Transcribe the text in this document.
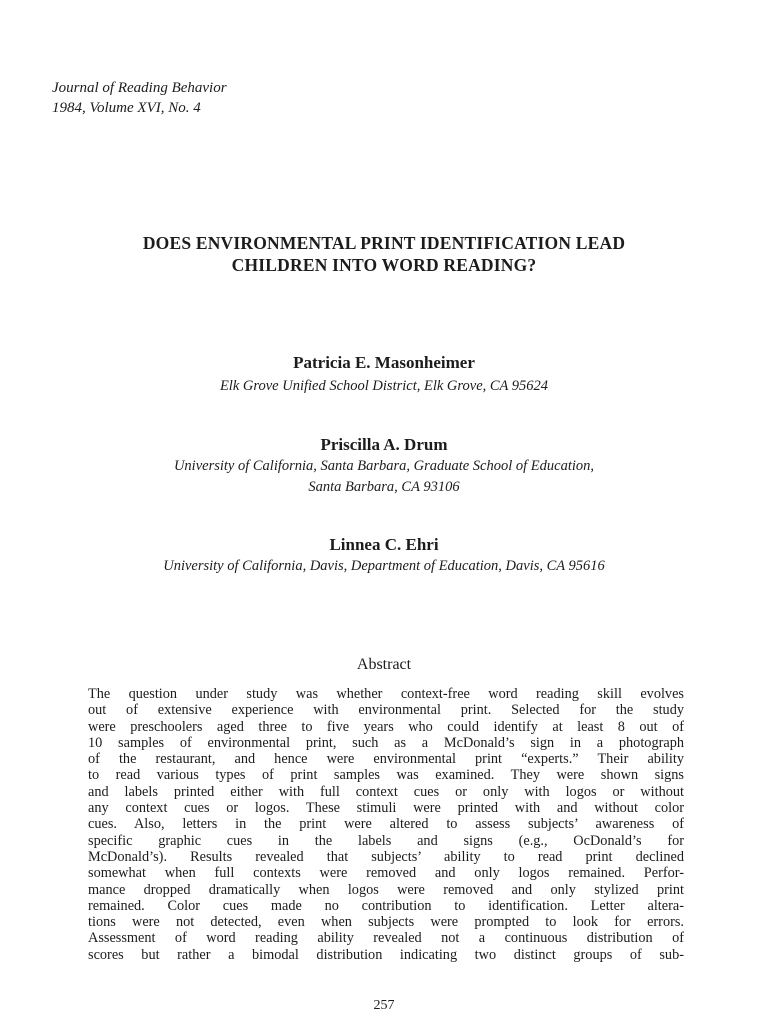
Journal of Reading Behavior
1984, Volume XVI, No. 4
DOES ENVIRONMENTAL PRINT IDENTIFICATION LEAD
CHILDREN INTO WORD READING?
Patricia E. Masonheimer
Elk Grove Unified School District, Elk Grove, CA 95624
Priscilla A. Drum
University of California, Santa Barbara, Graduate School of Education,
Santa Barbara, CA 93106
Linnea C. Ehri
University of California, Davis, Department of Education, Davis, CA 95616
Abstract
The question under study was whether context-free word reading skill evolves
out of extensive experience with environmental print. Selected for the study
were preschoolers aged three to five years who could identify at least 8 out of
10 samples of environmental print, such as a McDonald’s sign in a photograph
of the restaurant, and hence were environmental print “experts.” Their ability
to read various types of print samples was examined. They were shown signs
and labels printed either with full context cues or only with logos or without
any context cues or logos. These stimuli were printed with and without color
cues. Also, letters in the print were altered to assess subjects’ awareness of
specific graphic cues in the labels and signs (e.g., OcDonald’s for
McDonald’s). Results revealed that subjects’ ability to read print declined
somewhat when full contexts were removed and only logos remained. Perfor-
mance dropped dramatically when logos were removed and only stylized print
remained. Color cues made no contribution to identification. Letter altera-
tions were not detected, even when subjects were prompted to look for errors.
Assessment of word reading ability revealed not a continuous distribution of
scores but rather a bimodal distribution indicating two distinct groups of sub-
257
